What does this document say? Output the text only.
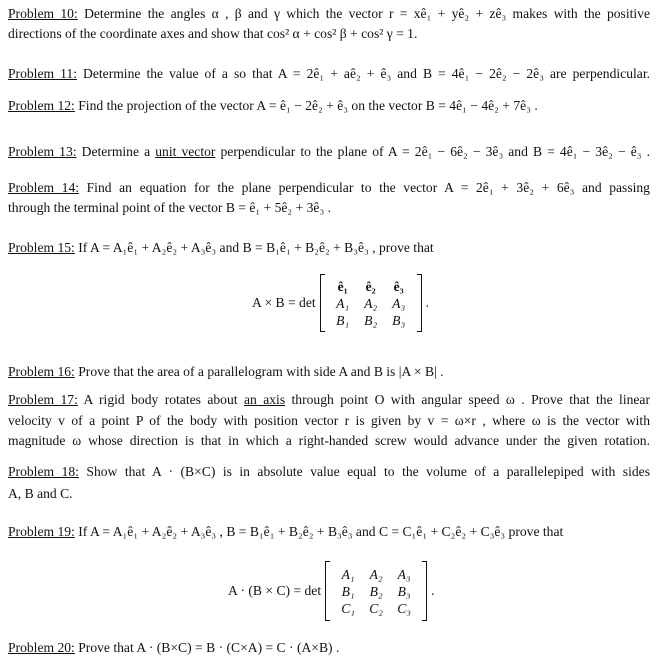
Problem 10: Determine the angles α , β and γ which the vector r = xê₁ + yê₂ + zê₃ makes with the positive
directions of the coordinate axes and show that cos² α + cos² β + cos² γ = 1.
Problem 11: Determine the value of a so that A = 2ê₁ + aê₂ + ê₃ and B = 4ê₁ − 2ê₂ − 2ê₃ are perpendicular.
Problem 12: Find the projection of the vector A = ê₁ − 2ê₂ + ê₃ on the vector B = 4ê₁ − 4ê₂ + 7ê₃ .
Problem 13: Determine a unit vector perpendicular to the plane of A = 2ê₁ − 6ê₂ − 3ê₃ and B = 4ê₁ − 3ê₂ − ê₃ .
Problem 14: Find an equation for the plane perpendicular to the vector A = 2ê₁ + 3ê₂ + 6ê₃ and passing
through the terminal point of the vector B = ê₁ + 5ê₂ + 3ê₃ .
Problem 15: If A = A₁ê₁ + A₂ê₂ + A₃ê₃ and B = B₁ê₁ + B₂ê₂ + B₃ê₃ , prove that
A × B = det
ê₁	ê₂	ê₃
A₁	A₂	A₃
B₁	B₂	B₃
.
Problem 16: Prove that the area of a parallelogram with side A and B is |A × B| .
Problem 17: A rigid body rotates about an axis through point O with angular speed ω . Prove that the linear
velocity v of a point P of the body with position vector r is given by v = ω×r , where ω is the vector with
magnitude ω whose direction is that in which a right-handed screw would advance under the given rotation.
Problem 18: Show that A · (B×C) is in absolute value equal to the volume of a parallelepiped with sides
A, B and C.
Problem 19: If A = A₁ê₁ + A₂ê₂ + A₃ê₃ , B = B₁ê₁ + B₂ê₂ + B₃ê₃ and C = C₁ê₁ + C₂ê₂ + C₃ê₃ prove that
A · (B × C) = det
A₁	A₂	A₃
B₁	B₂	B₃
C₁	C₂	C₃
.
Problem 20: Prove that A · (B×C) = B · (C×A) = C · (A×B) .
